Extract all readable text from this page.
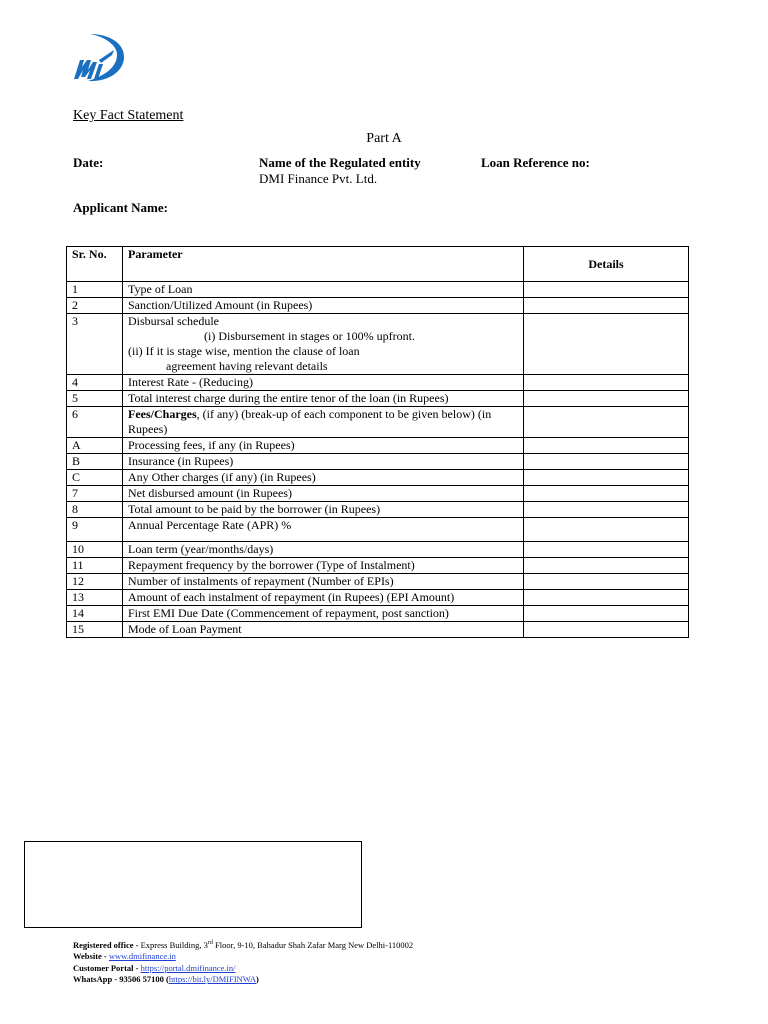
Key Fact Statement
Part A
Date:	Name of the Regulated entity
DMI Finance Pvt. Ltd.
Loan Reference no:
Applicant Name:
Sr. No.	Parameter	Details
1	Type of Loan	
2	Sanction/Utilized Amount (in Rupees)	
3	Disbursal schedule
(i) Disbursement in stages or 100% upfront.
(ii) If it is stage wise, mention the clause of loan
agreement having relevant details	

4	Interest Rate - (Reducing)	
5	Total interest charge during the entire tenor of the loan (in Rupees)	
6	Fees/Charges, (if any) (break-up of each component to be given below) (in Rupees)	
A	Processing fees, if any (in Rupees)	
B	Insurance (in Rupees)	
C	Any Other charges (if any) (in Rupees)	
7	Net disbursed amount (in Rupees)	
8	Total amount to be paid by the borrower (in Rupees)	
9	Annual Percentage Rate (APR) %	
10	Loan term (year/months/days)	
11	Repayment frequency by the borrower (Type of Instalment)	
12	Number of instalments of repayment (Number of EPIs)	
13	Amount of each instalment of repayment (in Rupees) (EPI Amount)	
14	First EMI Due Date (Commencement of repayment, post sanction)	
15	Mode of Loan Payment	
Registered office - Express Building, 3rd Floor, 9-10, Bahadur Shah Zafar Marg New Delhi-110002
Website - www.dmifinance.in
Customer Portal - https://portal.dmifinance.in/
WhatsApp - 93506 57100 (https://bit.ly/DMIFINWA)
